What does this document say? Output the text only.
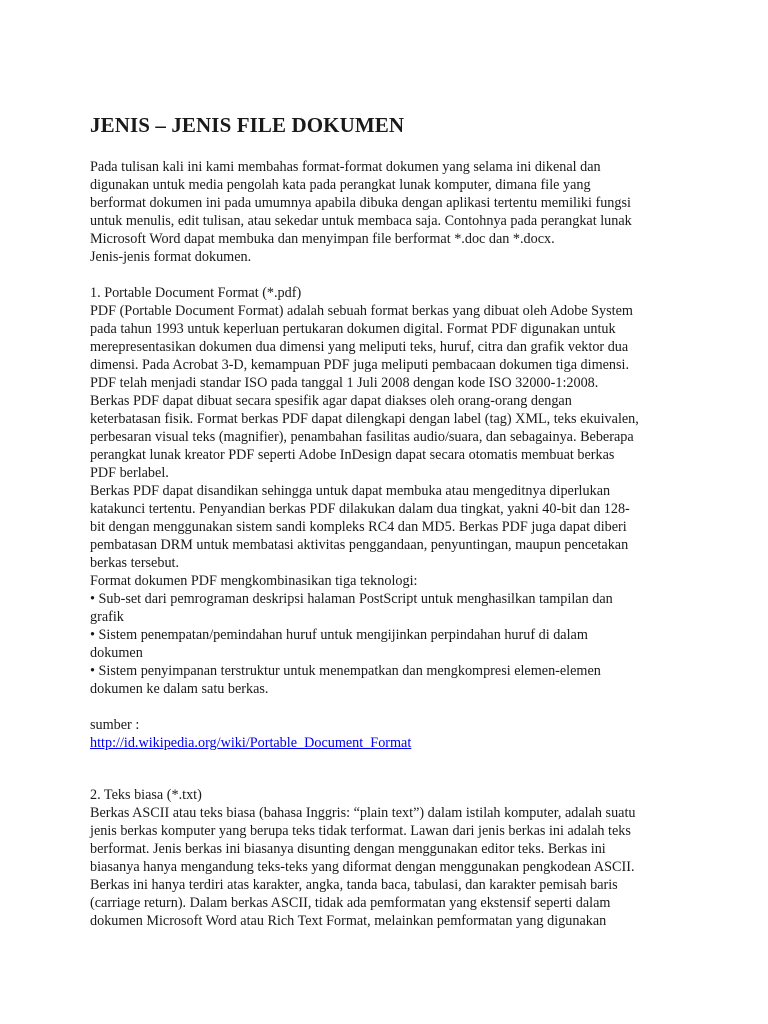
JENIS – JENIS FILE DOKUMEN
Pada tulisan kali ini kami membahas format-format dokumen yang selama ini dikenal dan
digunakan untuk media pengolah kata pada perangkat lunak komputer, dimana file yang
berformat dokumen ini pada umumnya apabila dibuka dengan aplikasi tertentu memiliki fungsi
untuk menulis, edit tulisan, atau sekedar untuk membaca saja. Contohnya pada perangkat lunak
Microsoft Word dapat membuka dan menyimpan file berformat *.doc dan *.docx.
Jenis-jenis format dokumen.
1. Portable Document Format (*.pdf)
PDF (Portable Document Format) adalah sebuah format berkas yang dibuat oleh Adobe System
pada tahun 1993 untuk keperluan pertukaran dokumen digital. Format PDF digunakan untuk
merepresentasikan dokumen dua dimensi yang meliputi teks, huruf, citra dan grafik vektor dua
dimensi. Pada Acrobat 3-D, kemampuan PDF juga meliputi pembacaan dokumen tiga dimensi.
PDF telah menjadi standar ISO pada tanggal 1 Juli 2008 dengan kode ISO 32000-1:2008.
Berkas PDF dapat dibuat secara spesifik agar dapat diakses oleh orang-orang dengan
keterbatasan fisik. Format berkas PDF dapat dilengkapi dengan label (tag) XML, teks ekuivalen,
perbesaran visual teks (magnifier), penambahan fasilitas audio/suara, dan sebagainya. Beberapa
perangkat lunak kreator PDF seperti Adobe InDesign dapat secara otomatis membuat berkas
PDF berlabel.
Berkas PDF dapat disandikan sehingga untuk dapat membuka atau mengeditnya diperlukan
katakunci tertentu. Penyandian berkas PDF dilakukan dalam dua tingkat, yakni 40-bit dan 128-
bit dengan menggunakan sistem sandi kompleks RC4 dan MD5. Berkas PDF juga dapat diberi
pembatasan DRM untuk membatasi aktivitas penggandaan, penyuntingan, maupun pencetakan
berkas tersebut.
Format dokumen PDF mengkombinasikan tiga teknologi:
• Sub-set dari pemrograman deskripsi halaman PostScript untuk menghasilkan tampilan dan
grafik
• Sistem penempatan/pemindahan huruf untuk mengijinkan perpindahan huruf di dalam
dokumen
• Sistem penyimpanan terstruktur untuk menempatkan dan mengkompresi elemen-elemen
dokumen ke dalam satu berkas.
sumber :
http://id.wikipedia.org/wiki/Portable_Document_Format
2. Teks biasa (*.txt)
Berkas ASCII atau teks biasa (bahasa Inggris: “plain text”) dalam istilah komputer, adalah suatu
jenis berkas komputer yang berupa teks tidak terformat. Lawan dari jenis berkas ini adalah teks
berformat. Jenis berkas ini biasanya disunting dengan menggunakan editor teks. Berkas ini
biasanya hanya mengandung teks-teks yang diformat dengan menggunakan pengkodean ASCII.
Berkas ini hanya terdiri atas karakter, angka, tanda baca, tabulasi, dan karakter pemisah baris
(carriage return). Dalam berkas ASCII, tidak ada pemformatan yang ekstensif seperti dalam
dokumen Microsoft Word atau Rich Text Format, melainkan pemformatan yang digunakan
